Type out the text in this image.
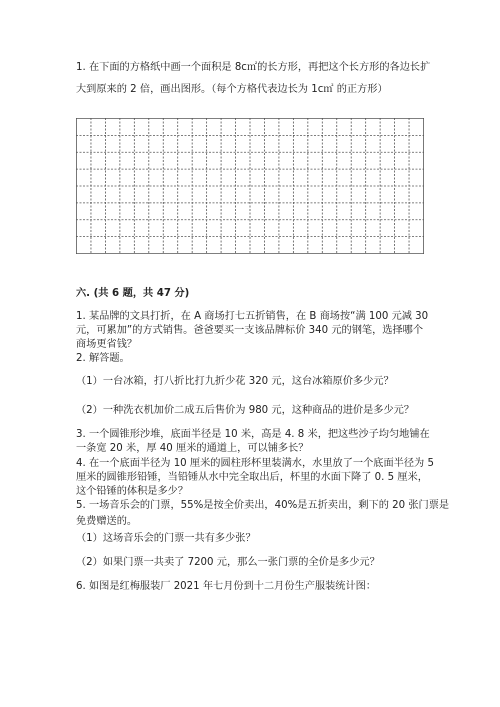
1. 在下面的方格纸中画一个面积是 8c㎡的长方形，再把这个长方形的各边长扩
大到原来的 2 倍，画出图形。（每个方格代表边长为 1c㎡ 的正方形）
六. (共 6 题，共 47 分)
1. 某品牌的文具打折，在 A 商场打七五折销售，在 B 商场按“满 100 元减 30
元，可累加”的方式销售。爸爸要买一支该品牌标价 340 元的钢笔，选择哪个
商场更省钱？
2. 解答题。
（1）一台冰箱，打八折比打九折少花 320 元，这台冰箱原价多少元？
（2）一种洗衣机加价二成五后售价为 980 元，这种商品的进价是多少元？
3. 一个圆锥形沙堆，底面半径是 10 米，高是 4. 8 米，把这些沙子均匀地铺在
一条宽 20 米，厚 40 厘米的通道上，可以铺多长？
4. 在一个底面半径为 10 厘米的圆柱形杯里装满水，水里放了一个底面半径为 5
厘米的圆锥形铅锤，当铅锤从水中完全取出后，杯里的水面下降了 0. 5 厘米，
这个铅锤的体积是多少？
5. 一场音乐会的门票，55%是按全价卖出，40%是五折卖出，剩下的 20 张门票是
免费赠送的。
（1）这场音乐会的门票一共有多少张？
（2）如果门票一共卖了 7200 元，那么一张门票的全价是多少元？
6. 如图是红梅服装厂 2021 年七月份到十二月份生产服装统计图：
